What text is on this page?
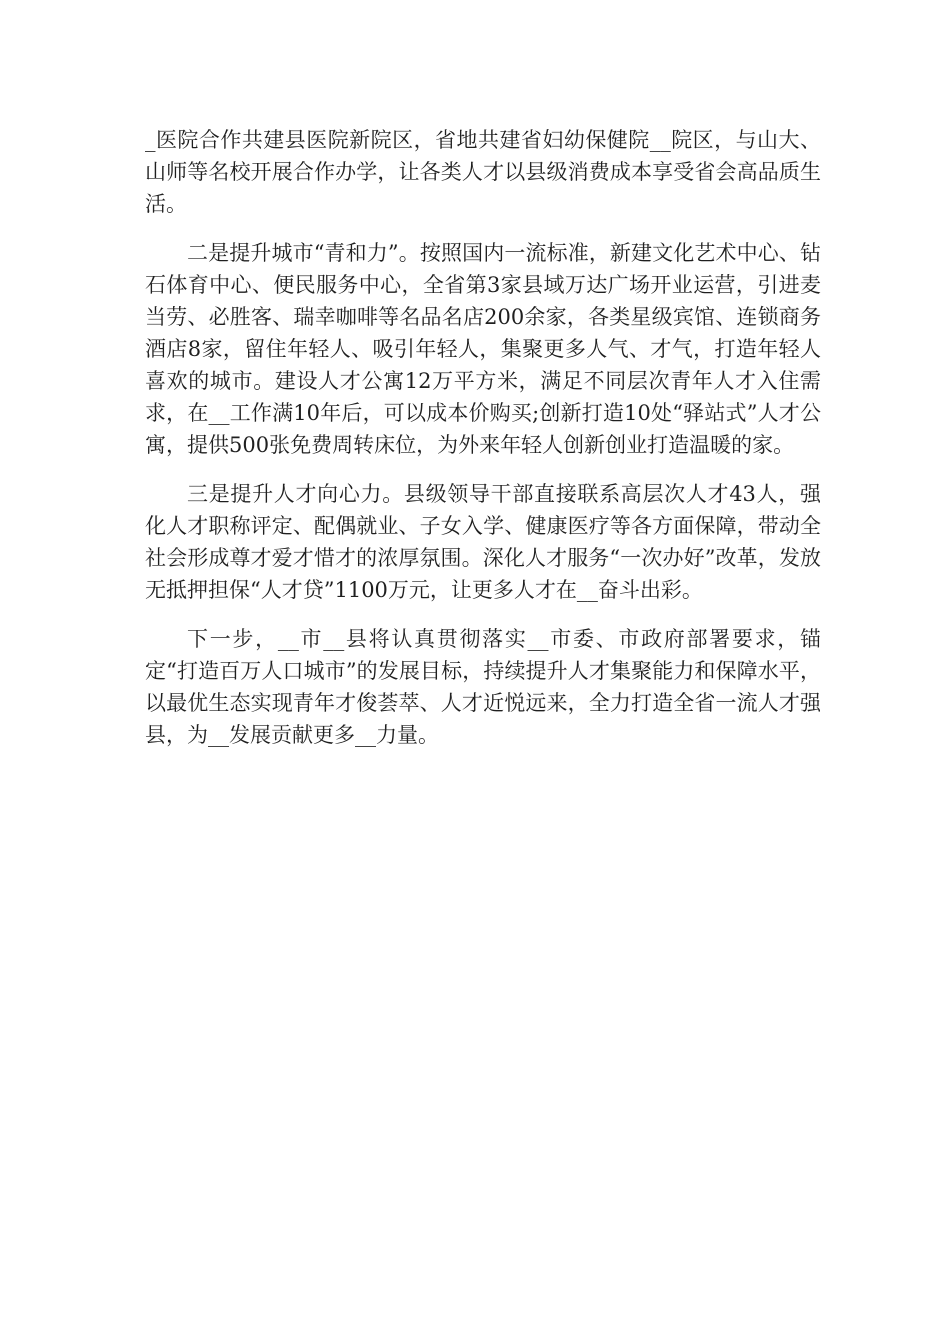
_医院合作共建县医院新院区，省地共建省妇幼保健院__院区，与山大、山师等名校开展合作办学，让各类人才以县级消费成本享受省会高品质生活。

二是提升城市“青和力”。按照国内一流标准，新建文化艺术中心、钻石体育中心、便民服务中心，全省第3家县域万达广场开业运营，引进麦当劳、必胜客、瑞幸咖啡等名品名店200余家，各类星级宾馆、连锁商务酒店8家，留住年轻人、吸引年轻人，集聚更多人气、才气，打造年轻人喜欢的城市。建设人才公寓12万平方米，满足不同层次青年人才入住需求，在__工作满10年后，可以成本价购买;创新打造10处“驿站式”人才公寓，提供500张免费周转床位，为外来年轻人创新创业打造温暖的家。

三是提升人才向心力。县级领导干部直接联系高层次人才43人，强化人才职称评定、配偶就业、子女入学、健康医疗等各方面保障，带动全社会形成尊才爱才惜才的浓厚氛围。深化人才服务“一次办好”改革，发放无抵押担保“人才贷”1100万元，让更多人才在__奋斗出彩。

下一步，__市__县将认真贯彻落实__市委、市政府部署要求，锚定“打造百万人口城市”的发展目标，持续提升人才集聚能力和保障水平，以最优生态实现青年才俊荟萃、人才近悦远来，全力打造全省一流人才强县，为__发展贡献更多__力量。
